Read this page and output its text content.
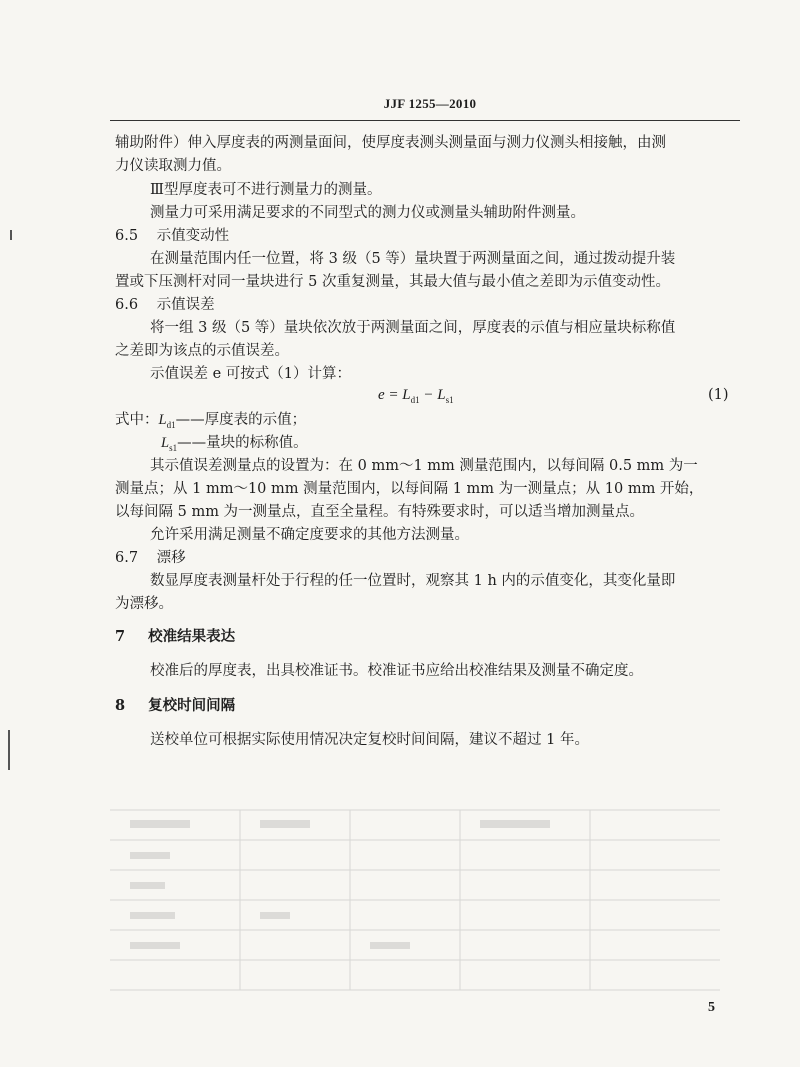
JJF 1255—2010
辅助附件）伸入厚度表的两测量面间，使厚度表测头测量面与测力仪测头相接触，由测
力仪读取测力值。
Ⅲ型厚度表可不进行测量力的测量。
测量力可采用满足要求的不同型式的测力仪或测量头辅助附件测量。
6.5 示值变动性
在测量范围内任一位置，将 3 级（5 等）量块置于两测量面之间，通过拨动提升装
置或下压测杆对同一量块进行 5 次重复测量，其最大值与最小值之差即为示值变动性。
6.6 示值误差
将一组 3 级（5 等）量块依次放于两测量面之间，厚度表的示值与相应量块标称值
之差即为该点的示值误差。
示值误差 e 可按式（1）计算：
$e = L_{d1} - L_{s1}$	(1)
式中：$L_{d1}——$厚度表的示值；
$L_{s1}——$量块的标称值。
其示值误差测量点的设置为：在 0 mm～1 mm 测量范围内，以每间隔 0.5 mm 为一
测量点；从 1 mm～10 mm 测量范围内，以每间隔 1 mm 为一测量点；从 10 mm 开始，
以每间隔 5 mm 为一测量点，直至全量程。有特殊要求时，可以适当增加测量点。
允许采用满足测量不确定度要求的其他方法测量。
6.7 漂移
数显厚度表测量杆处于行程的任一位置时，观察其 1 h 内的示值变化，其变化量即
为漂移。
7 校准结果表达
校准后的厚度表，出具校准证书。校准证书应给出校准结果及测量不确定度。
8 复校时间间隔
送校单位可根据实际使用情况决定复校时间间隔，建议不超过 1 年。
5
